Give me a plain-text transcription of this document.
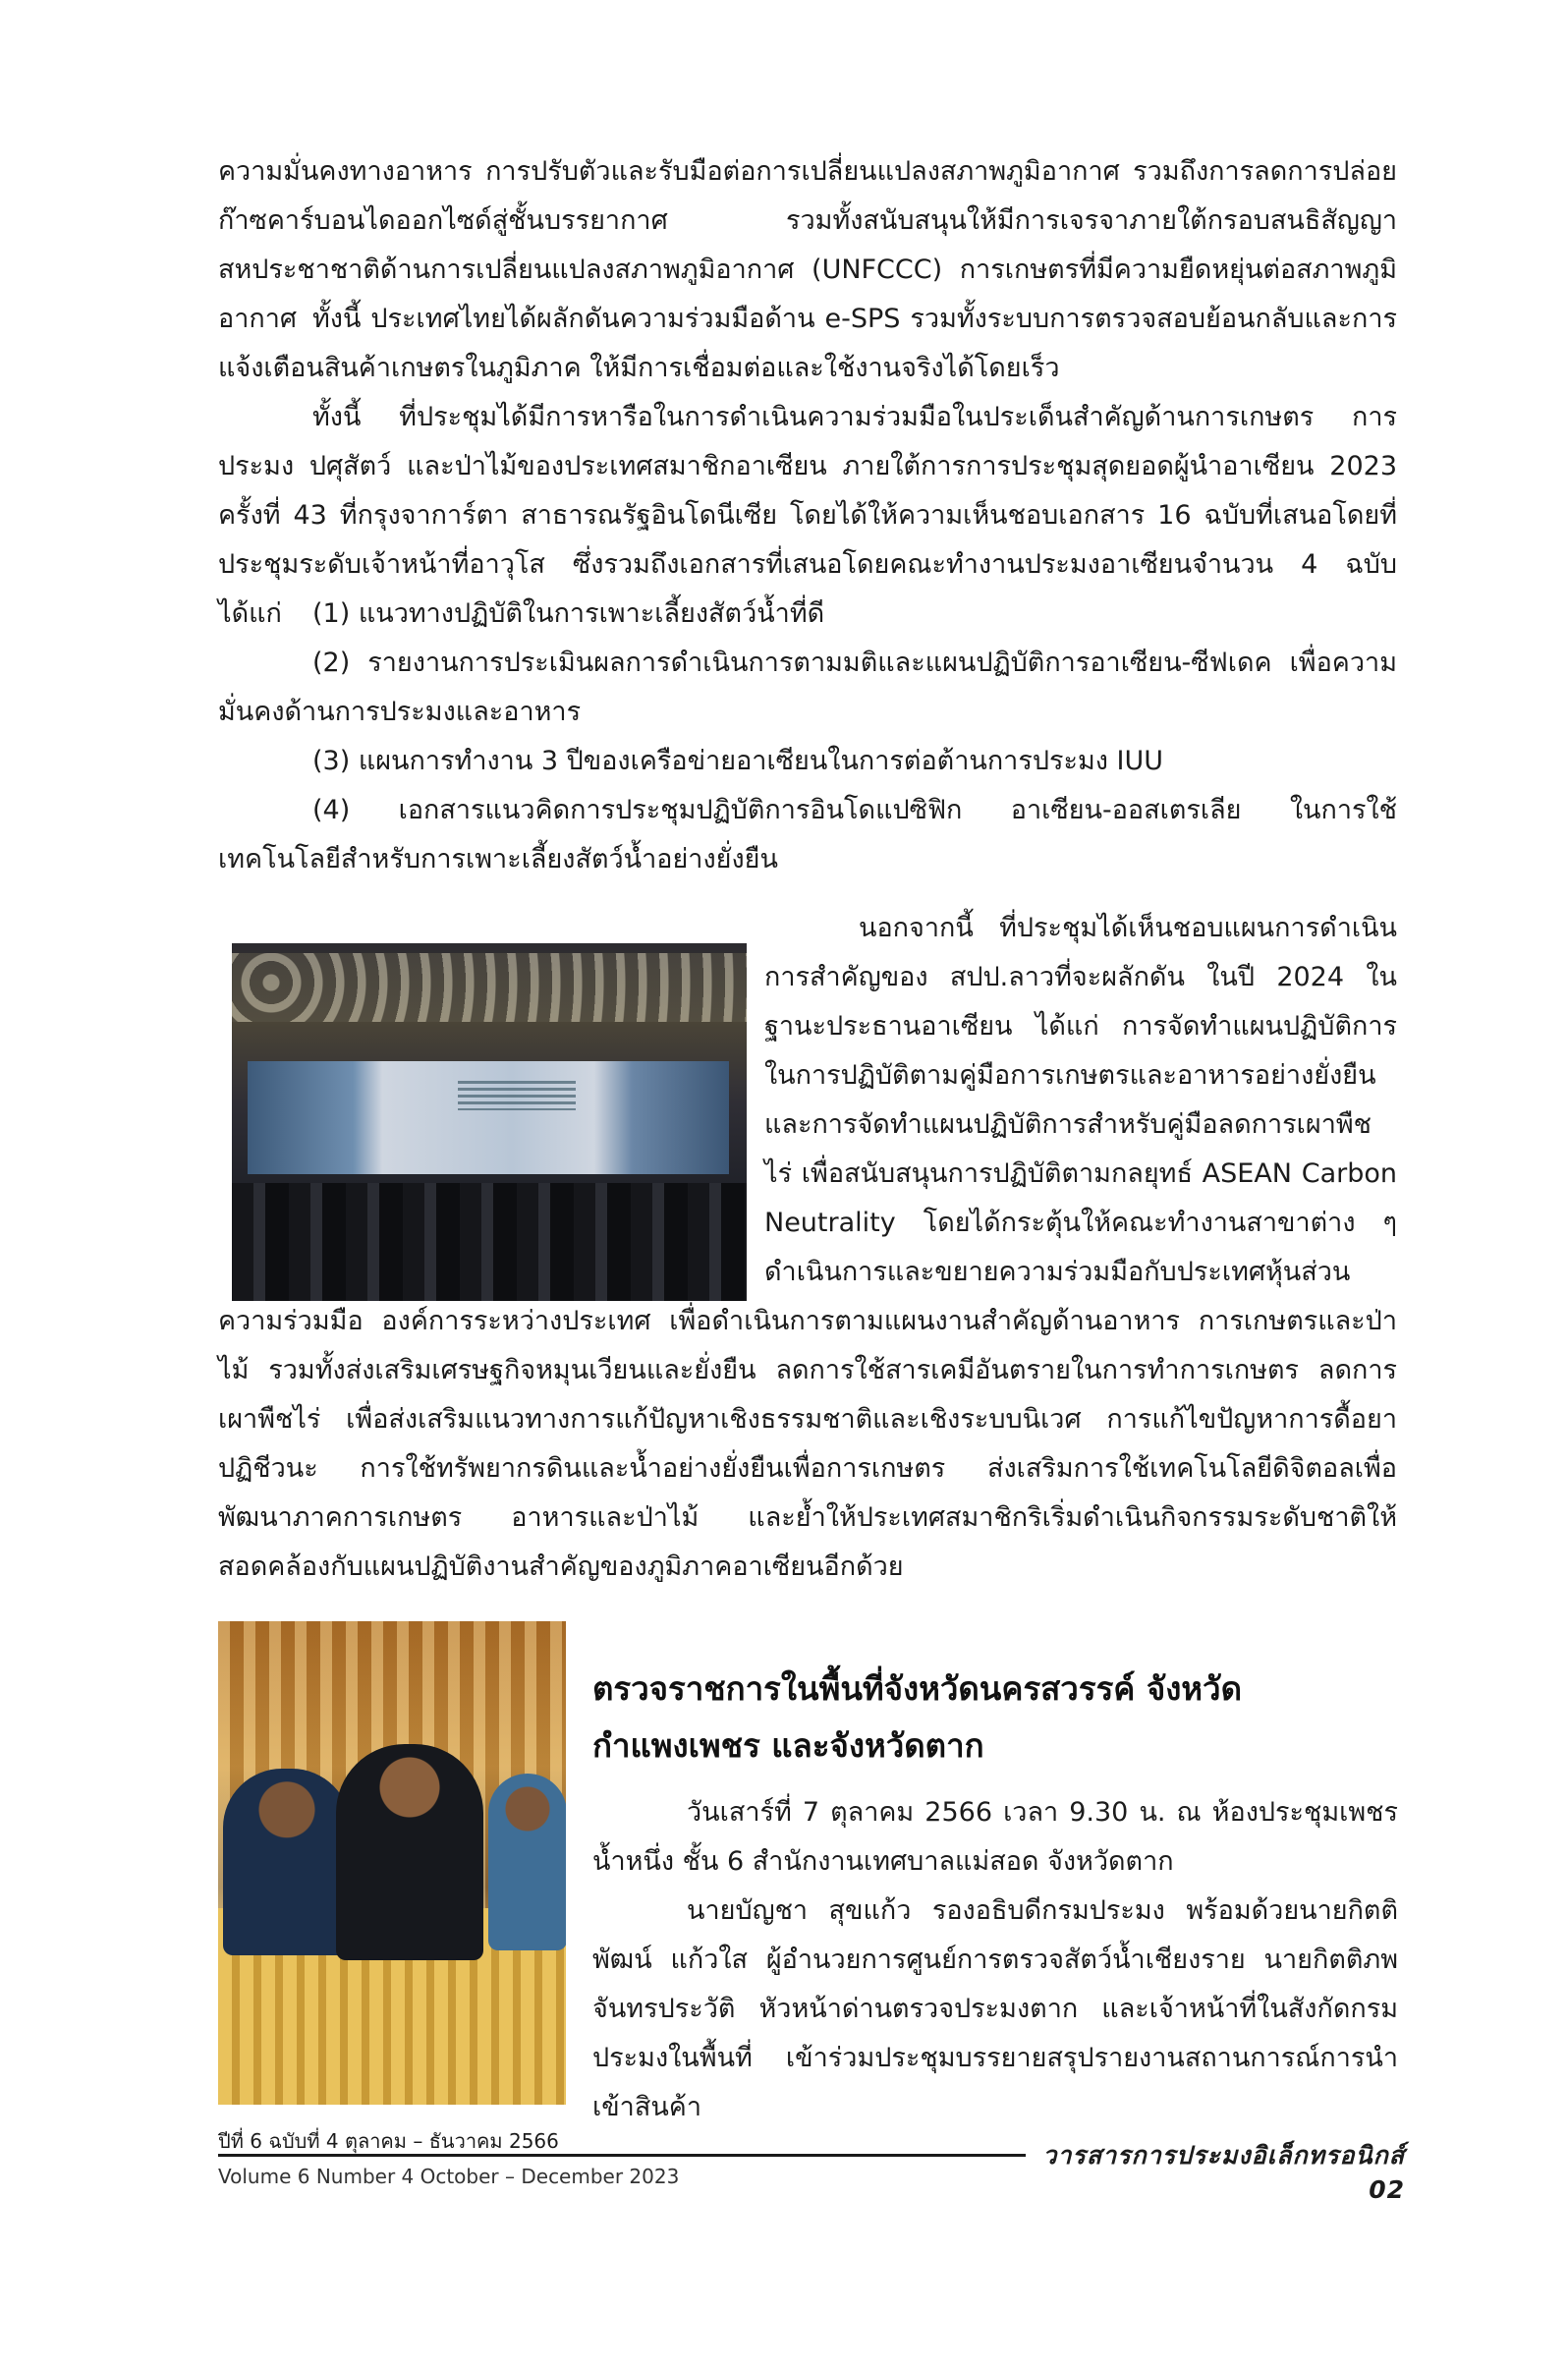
ความมั่นคงทางอาหาร การปรับตัวและรับมือต่อการเปลี่ยนแปลงสภาพภูมิอากาศ รวมถึงการลดการปล่อยก๊าซคาร์บอนไดออกไซด์สู่ชั้นบรรยากาศ รวมทั้งสนับสนุนให้มีการเจรจาภายใต้กรอบสนธิสัญญาสหประชาชาติด้านการเปลี่ยนแปลงสภาพภูมิอากาศ (UNFCCC) การเกษตรที่มีความยืดหยุ่นต่อสภาพภูมิอากาศ ทั้งนี้ ประเทศไทยได้ผลักดันความร่วมมือด้าน e-SPS รวมทั้งระบบการตรวจสอบย้อนกลับและการแจ้งเตือนสินค้าเกษตรในภูมิภาค ให้มีการเชื่อมต่อและใช้งานจริงได้โดยเร็ว

ทั้งนี้ ที่ประชุมได้มีการหารือในการดำเนินความร่วมมือในประเด็นสำคัญด้านการเกษตร การประมง ปศุสัตว์ และป่าไม้ของประเทศสมาชิกอาเซียน ภายใต้การการประชุมสุดยอดผู้นำอาเซียน 2023 ครั้งที่ 43 ที่กรุงจาการ์ตา สาธารณรัฐอินโดนีเซีย โดยได้ให้ความเห็นชอบเอกสาร 16 ฉบับที่เสนอโดยที่ประชุมระดับเจ้าหน้าที่อาวุโส ซึ่งรวมถึงเอกสารที่เสนอโดยคณะทำงานประมงอาเซียนจำนวน 4 ฉบับ ได้แก่	(1) แนวทางปฏิบัติในการเพาะเลี้ยงสัตว์น้ำที่ดี

(2) รายงานการประเมินผลการดำเนินการตามมติและแผนปฏิบัติการอาเซียน-ซีฟเดค เพื่อความมั่นคงด้านการประมงและอาหาร

(3) แผนการทำงาน 3 ปีของเครือข่ายอาเซียนในการต่อต้านการประมง IUU

(4) เอกสารแนวคิดการประชุมปฏิบัติการอินโดแปซิฟิก อาเซียน-ออสเตรเลีย ในการใช้เทคโนโลยีสำหรับการเพาะเลี้ยงสัตว์น้ำอย่างยั่งยืน

นอกจากนี้ ที่ประชุมได้เห็นชอบแผนการดำเนินการสำคัญของ สปป.ลาวที่จะผลักดัน ในปี 2024 ในฐานะประธานอาเซียน ได้แก่ การจัดทำแผนปฏิบัติการในการปฏิบัติตามคู่มือการเกษตรและอาหารอย่างยั่งยืน และการจัดทำแผนปฏิบัติการสำหรับคู่มือลดการเผาพืชไร่ เพื่อสนับสนุนการปฏิบัติตามกลยุทธ์ ASEAN Carbon Neutrality โดยได้กระตุ้นให้คณะทำงานสาขาต่าง ๆ ดำเนินการและขยายความร่วมมือกับประเทศหุ้นส่วน

ความร่วมมือ องค์การระหว่างประเทศ เพื่อดำเนินการตามแผนงานสำคัญด้านอาหาร การเกษตรและป่าไม้ รวมทั้งส่งเสริมเศรษฐกิจหมุนเวียนและยั่งยืน ลดการใช้สารเคมีอันตรายในการทำการเกษตร ลดการเผาพืชไร่ เพื่อส่งเสริมแนวทางการแก้ปัญหาเชิงธรรมชาติและเชิงระบบนิเวศ การแก้ไขปัญหาการดื้อยาปฏิชีวนะ การใช้ทรัพยากรดินและน้ำอย่างยั่งยืนเพื่อการเกษตร ส่งเสริมการใช้เทคโนโลยีดิจิตอลเพื่อพัฒนาภาคการเกษตร อาหารและป่าไม้ และย้ำให้ประเทศสมาชิกริเริ่มดำเนินกิจกรรมระดับชาติให้สอดคล้องกับแผนปฏิบัติงานสำคัญของภูมิภาคอาเซียนอีกด้วย

ตรวจราชการในพื้นที่จังหวัดนครสวรรค์ จังหวัดกำแพงเพชร และจังหวัดตาก

วันเสาร์ที่ 7 ตุลาคม 2566 เวลา 9.30 น. ณ ห้องประชุมเพชรน้ำหนึ่ง ชั้น 6 สำนักงานเทศบาลแม่สอด จังหวัดตาก

นายบัญชา สุขแก้ว รองอธิบดีกรมประมง พร้อมด้วยนายกิตติพัฒน์ แก้วใส ผู้อำนวยการศูนย์การตรวจสัตว์น้ำเชียงราย นายกิตติภพ จันทรประวัติ หัวหน้าด่านตรวจประมงตาก และเจ้าหน้าที่ในสังกัดกรมประมงในพื้นที่ เข้าร่วมประชุมบรรยายสรุปรายงานสถานการณ์การนำเข้าสินค้า

ปีที่ 6 ฉบับที่ 4 ตุลาคม – ธันวาคม 2566	วารสารการประมงอิเล็กทรอนิกส์ 02
Volume 6 Number 4 October – December 2023
